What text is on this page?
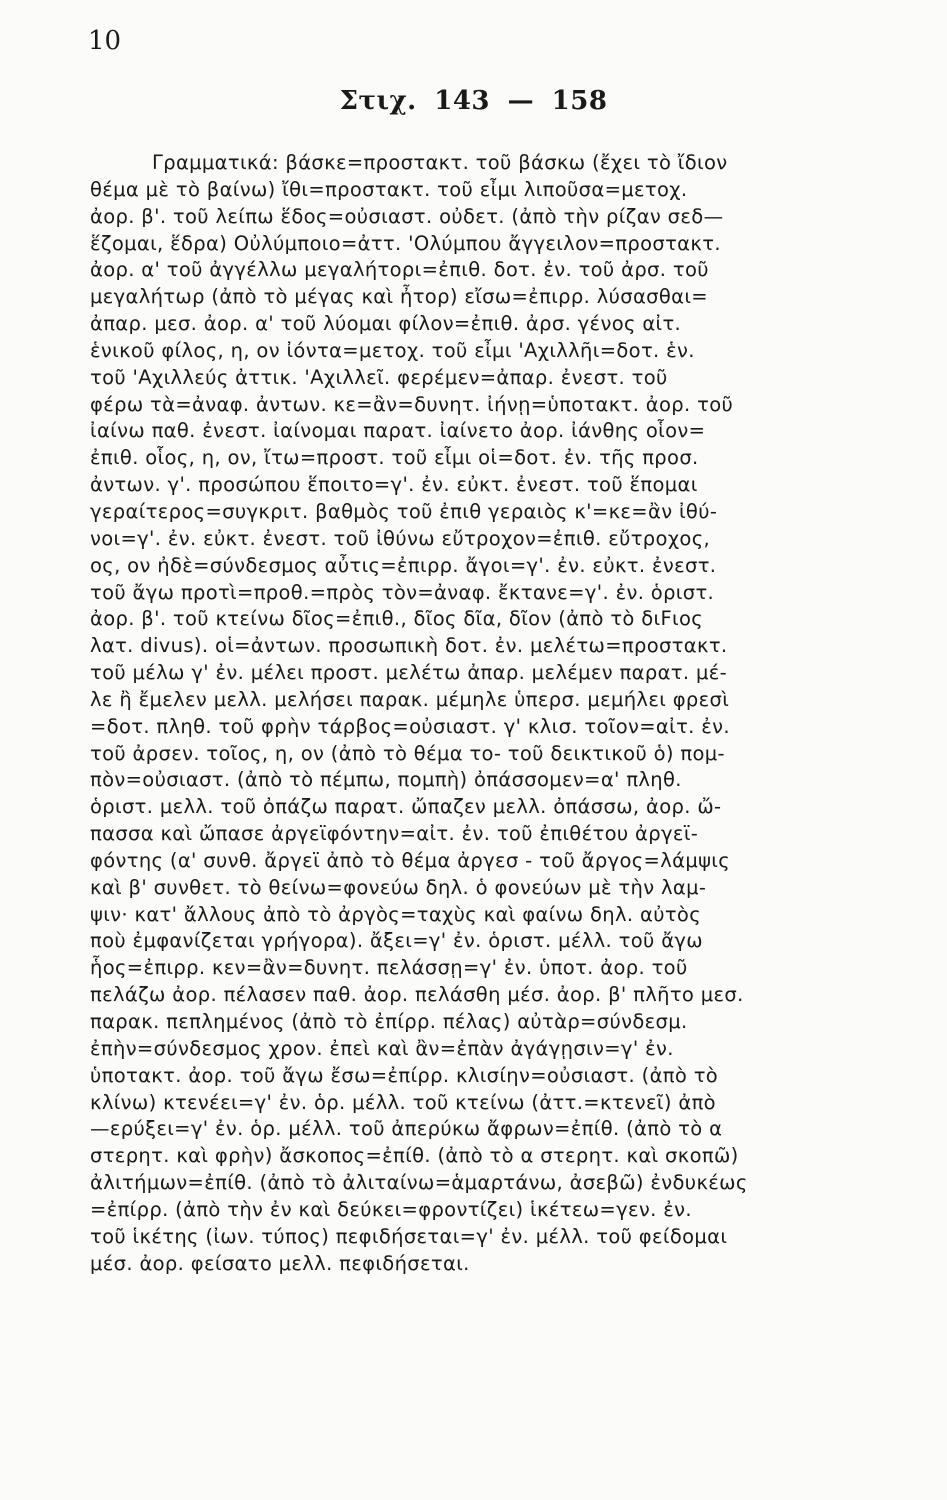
10
Στιχ. 143 — 158
Γραμματικά: βάσκε=προστακτ. τοῦ βάσκω (ἔχει τὸ ἴδιον
θέμα μὲ τὸ βαίνω) ἴθι=προστακτ. τοῦ εἶμι λιποῦσα=μετοχ.
ἀορ. β'. τοῦ λείπω ἕδος=οὐσιαστ. οὐδετ. (ἀπὸ τὴν ρίζαν σεδ—
ἕζομαι, ἕδρα) Οὐλύμποιο=ἀττ. 'Ολύμπου ἄγγειλον=προστακτ.
ἀορ. α' τοῦ ἀγγέλλω μεγαλήτορι=ἐπιθ. δοτ. ἐν. τοῦ ἀρσ. τοῦ
μεγαλήτωρ (ἀπὸ τὸ μέγας καὶ ἦτορ) εἴσω=ἐπιρρ. λύσασθαι=
ἀπαρ. μεσ. ἀορ. α' τοῦ λύομαι φίλον=ἐπιθ. ἀρσ. γένος αἰτ.
ἑνικοῦ φίλος, η, ον ἰόντα=μετοχ. τοῦ εἶμι 'Αχιλλῆι=δοτ. ἑν.
τοῦ 'Αχιλλεύς ἀττικ. 'Αχιλλεῖ. φερέμεν=ἀπαρ. ἐνεστ. τοῦ
φέρω τὰ=ἀναφ. ἀντων. κε=ἂν=δυνητ. ἰήνῃ=ὑποτακτ. ἀορ. τοῦ
ἰαίνω παθ. ἐνεστ. ἰαίνομαι παρατ. ἰαίνετο ἀορ. ἰάνθης οἷον=
ἐπιθ. οἷος, η, ον, ἴτω=προστ. τοῦ εἶμι οἱ=δοτ. ἐν. τῆς προσ.
ἀντων. γ'. προσώπου ἕποιτο=γ'. ἐν. εὐκτ. ἐνεστ. τοῦ ἕπομαι
γεραίτερος=συγκριτ. βαθμὸς τοῦ ἐπιθ γεραιὸς κ'=κε=ἂν ἰθύ-
νοι=γ'. ἐν. εὐκτ. ἐνεστ. τοῦ ἰθύνω εὔτροχον=ἐπιθ. εὔτροχος,
ος, ον ἠδὲ=σύνδεσμος αὖτις=ἐπιρρ. ἄγοι=γ'. ἐν. εὐκτ. ἐνεστ.
τοῦ ἄγω προτὶ=προθ.=πρὸς τὸν=ἀναφ. ἔκτανε=γ'. ἐν. ὁριστ.
ἀορ. β'. τοῦ κτείνω δῖος=ἐπιθ., δῖος δῖα, δῖον (ἀπὸ τὸ διFιος
λατ. divus). οἱ=ἀντων. προσωπικὴ δοτ. ἐν. μελέτω=προστακτ.
τοῦ μέλω γ' ἐν. μέλει προστ. μελέτω ἀπαρ. μελέμεν παρατ. μέ-
λε ἢ ἔμελεν μελλ. μελήσει παρακ. μέμηλε ὑπερσ. μεμήλει φρεσὶ
=δοτ. πληθ. τοῦ φρὴν τάρβος=οὐσιαστ. γ' κλισ. τοῖον=αἰτ. ἐν.
τοῦ ἀρσεν. τοῖος, η, ον (ἀπὸ τὸ θέμα το- τοῦ δεικτικοῦ ὁ) πομ-
πὸν=οὐσιαστ. (ἀπὸ τὸ πέμπω, πομπὴ) ὀπάσσομεν=α' πληθ.
ὁριστ. μελλ. τοῦ ὀπάζω παρατ. ὤπαζεν μελλ. ὀπάσσω, ἀορ. ὤ-
πασσα καὶ ὤπασε ἀργεϊφόντην=αἰτ. ἐν. τοῦ ἐπιθέτου ἀργεϊ-
φόντης (α' συνθ. ἄργεϊ ἀπὸ τὸ θέμα ἀργεσ - τοῦ ἄργος=λάμψις
καὶ β' συνθετ. τὸ θείνω=φονεύω δηλ. ὁ φονεύων μὲ τὴν λαμ-
ψιν· κατ' ἄλλους ἀπὸ τὸ ἀργὸς=ταχὺς καὶ φαίνω δηλ. αὐτὸς
ποὺ ἐμφανίζεται γρήγορα). ἄξει=γ' ἐν. ὁριστ. μέλλ. τοῦ ἄγω
ἧος=ἐπιρρ. κεν=ἂν=δυνητ. πελάσσῃ=γ' ἐν. ὑποτ. ἀορ. τοῦ
πελάζω ἀορ. πέλασεν παθ. ἀορ. πελάσθη μέσ. ἀορ. β' πλῆτο μεσ.
παρακ. πεπλημένος (ἀπὸ τὸ ἐπίρρ. πέλας) αὐτὰρ=σύνδεσμ.
ἐπὴν=σύνδεσμος χρον. ἐπεὶ καὶ ἂν=ἐπὰν ἀγάγῃσιν=γ' ἐν.
ὑποτακτ. ἀορ. τοῦ ἄγω ἔσω=ἐπίρρ. κλισίην=οὐσιαστ. (ἀπὸ τὸ
κλίνω) κτενέει=γ' ἐν. ὁρ. μέλλ. τοῦ κτείνω (ἀττ.=κτενεῖ) ἀπὸ
—ερύξει=γ' ἐν. ὁρ. μέλλ. τοῦ ἀπερύκω ἄφρων=ἐπίθ. (ἀπὸ τὸ α
στερητ. καὶ φρὴν) ἄσκοπος=ἐπίθ. (ἀπὸ τὸ α στερητ. καὶ σκοπῶ)
ἀλιτήμων=ἐπίθ. (ἀπὸ τὸ ἀλιταίνω=ἁμαρτάνω, ἀσεβῶ) ἐνδυκέως
=ἐπίρρ. (ἀπὸ τὴν ἐν καὶ δεύκει=φροντίζει) ἱκέτεω=γεν. ἐν.
τοῦ ἱκέτης (ἰων. τύπος) πεφιδήσεται=γ' ἐν. μέλλ. τοῦ φείδομαι
μέσ. ἀορ. φείσατο μελλ. πεφιδήσεται.
